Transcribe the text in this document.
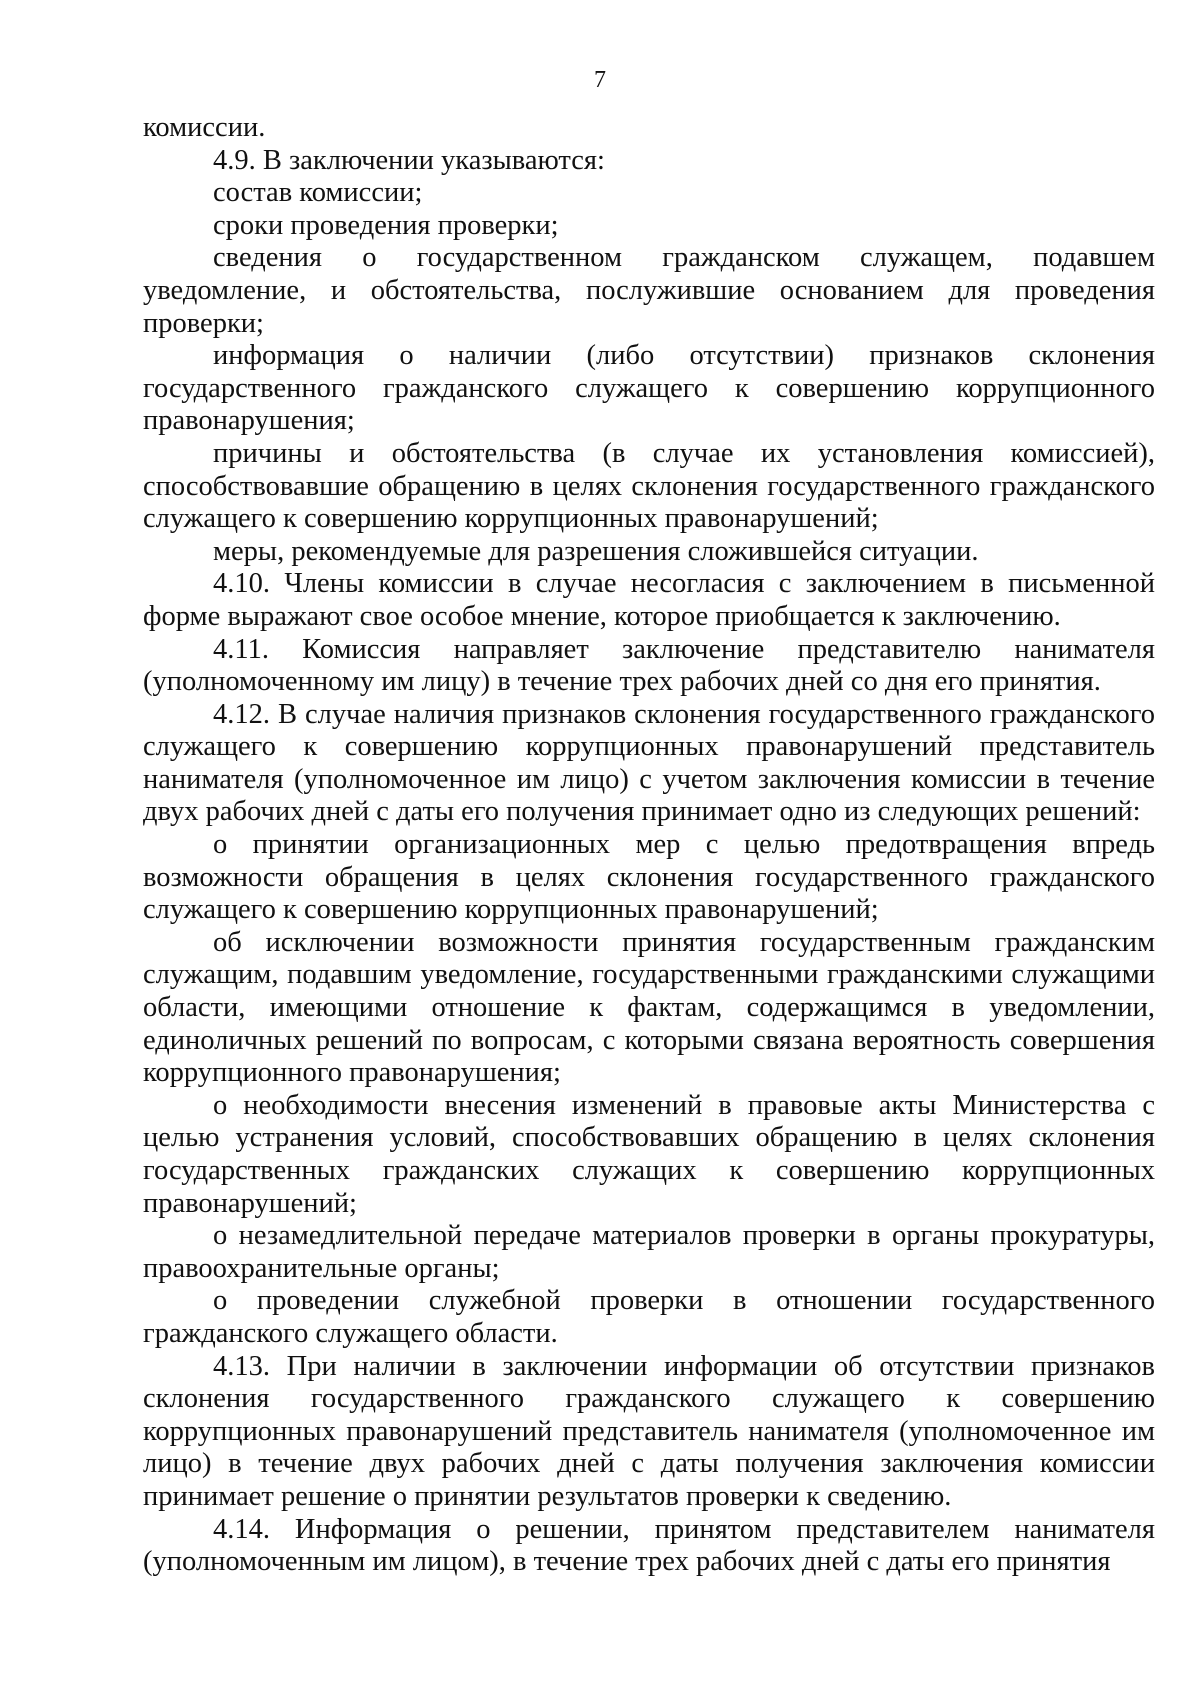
7

комиссии.

4.9. В заключении указываются:

состав комиссии;

сроки проведения проверки;

сведения о государственном гражданском служащем, подавшем уведомление, и обстоятельства, послужившие основанием для проведения проверки;

информация о наличии (либо отсутствии) признаков склонения государственного гражданского служащего к совершению коррупционного правонарушения;

причины и обстоятельства (в случае их установления комиссией), способствовавшие обращению в целях склонения государственного гражданского служащего к совершению коррупционных правонарушений;

меры, рекомендуемые для разрешения сложившейся ситуации.

4.10. Члены комиссии в случае несогласия с заключением в письменной форме выражают свое особое мнение, которое приобщается к заключению.

4.11. Комиссия направляет заключение представителю нанимателя (уполномоченному им лицу) в течение трех рабочих дней со дня его принятия.

4.12. В случае наличия признаков склонения государственного гражданского служащего к совершению коррупционных правонарушений представитель нанимателя (уполномоченное им лицо) с учетом заключения комиссии в течение двух рабочих дней с даты его получения принимает одно из следующих решений:

о принятии организационных мер с целью предотвращения впредь возможности обращения в целях склонения государственного гражданского служащего к совершению коррупционных правонарушений;

об исключении возможности принятия государственным гражданским служащим, подавшим уведомление, государственными гражданскими служащими области, имеющими отношение к фактам, содержащимся в уведомлении, единоличных решений по вопросам, с которыми связана вероятность совершения коррупционного правонарушения;

о необходимости внесения изменений в правовые акты Министерства с целью устранения условий, способствовавших обращению в целях склонения государственных гражданских служащих к совершению коррупционных правонарушений;

о незамедлительной передаче материалов проверки в органы прокуратуры, правоохранительные органы;

о проведении служебной проверки в отношении государственного гражданского служащего области.

4.13. При наличии в заключении информации об отсутствии признаков склонения государственного гражданского служащего к совершению коррупционных правонарушений представитель нанимателя (уполномоченное им лицо) в течение двух рабочих дней с даты получения заключения комиссии принимает решение о принятии результатов проверки к сведению.

4.14. Информация о решении, принятом представителем нанимателя (уполномоченным им лицом), в течение трех рабочих дней с даты его принятия
